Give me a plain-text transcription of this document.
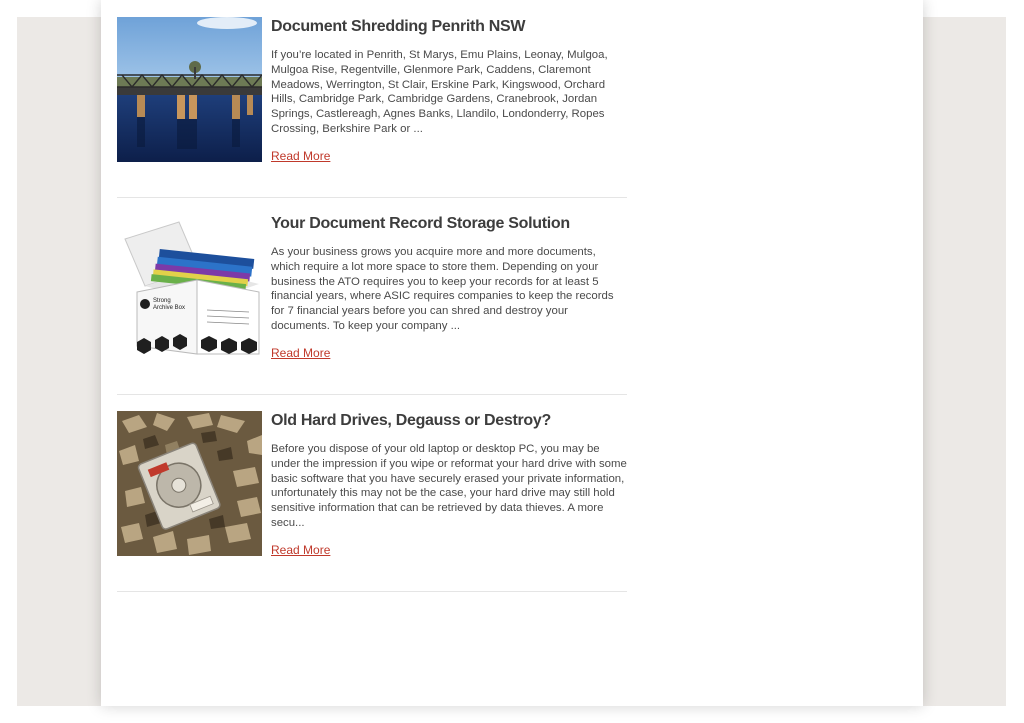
Document Shredding Penrith NSW

If you’re located in Penrith, St Marys, Emu Plains, Leonay, Mulgoa, Mulgoa Rise, Regentville, Glenmore Park, Caddens, Claremont Meadows, Werrington, St Clair, Erskine Park, Kingswood, Orchard Hills, Cambridge Park, Cambridge Gardens, Cranebrook, Jordan Springs, Castlereagh, Agnes Banks, Llandilo, Londonderry, Ropes Crossing, Berkshire Park or ...

Read More
Strong
Archive Box
Your Document Record Storage Solution

As your business grows you acquire more and more documents, which require a lot more space to store them. Depending on your business the ATO requires you to keep your records for at least 5 financial years, where ASIC requires companies to keep the records for 7 financial years before you can shred and destroy your documents. To keep your company ...

Read More
Old Hard Drives, Degauss or Destroy?

Before you dispose of your old laptop or desktop PC, you may be under the impression if you wipe or reformat your hard drive with some basic software that you have securely erased your private information, unfortunately this may not be the case, your hard drive may still hold sensitive information that can be retrieved by data thieves. A more secu...

Read More
